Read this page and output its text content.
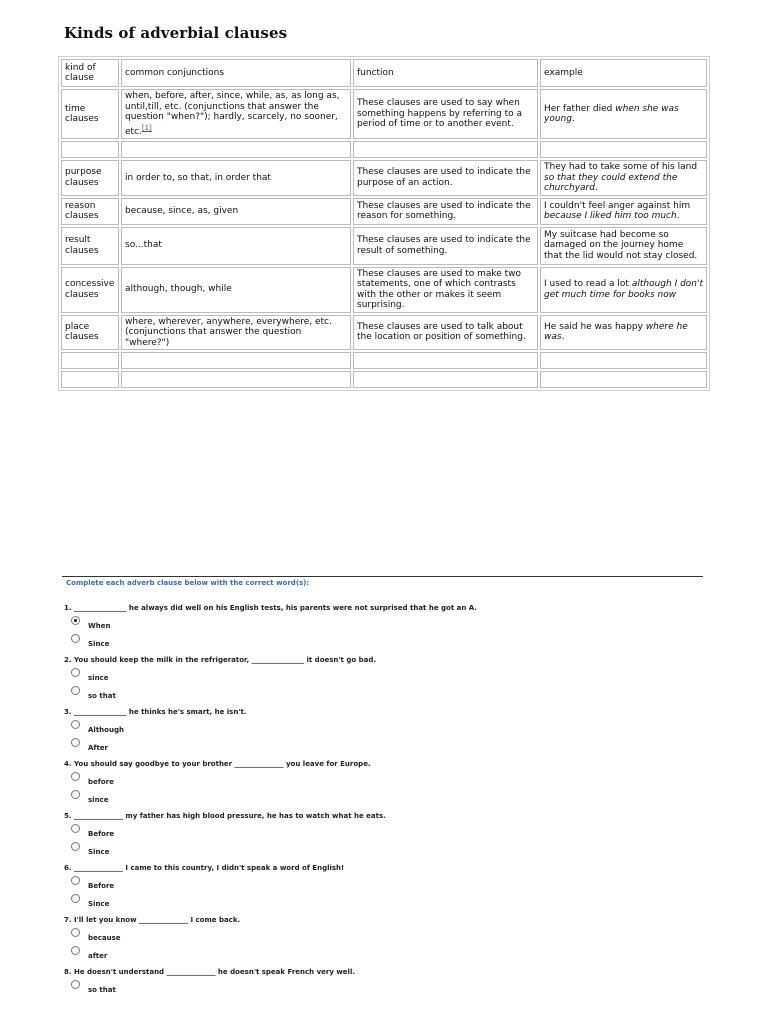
Kinds of adverbial clauses
kind of clause	common conjunctions	function	example
time clauses	when, before, after, since, while, as, as long as, until,till, etc. (conjunctions that answer the question "when?"); hardly, scarcely, no sooner, etc.[1]	These clauses are used to say when something happens by referring to a period of time or to another event.	Her father died when she was young.

purpose clauses	in order to, so that, in order that	These clauses are used to indicate the purpose of an action.	They had to take some of his land so that they could extend the churchyard.
reason clauses	because, since, as, given	These clauses are used to indicate the reason for something.	I couldn't feel anger against him because I liked him too much.
result clauses	so...that	These clauses are used to indicate the result of something.	My suitcase had become so damaged on the journey home that the lid would not stay closed.
concessive clauses	although, though, while	These clauses are used to make two statements, one of which contrasts with the other or makes it seem surprising.	I used to read a lot although I don't get much time for books now
place clauses	where, wherever, anywhere, everywhere, etc. (conjunctions that answer the question "where?")	These clauses are used to talk about the location or position of something.	He said he was happy where he was.

Complete each adverb clause below with the correct word(s):
1. _______________ he always did well on his English tests, his parents were not surprised that he got an A.
When
Since
2. You should keep the milk in the refrigerator, _______________ it doesn't go bad.
since
so that
3. _______________ he thinks he's smart, he isn't.
Although
After
4. You should say goodbye to your brother ______________ you leave for Europe.
before
since
5. ______________ my father has high blood pressure, he has to watch what he eats.
Before
Since
6. ______________ I came to this country, I didn't speak a word of English!
Before
Since
7. I'll let you know ______________ I come back.
because
after
8. He doesn't understand ______________ he doesn't speak French very well.
so that
